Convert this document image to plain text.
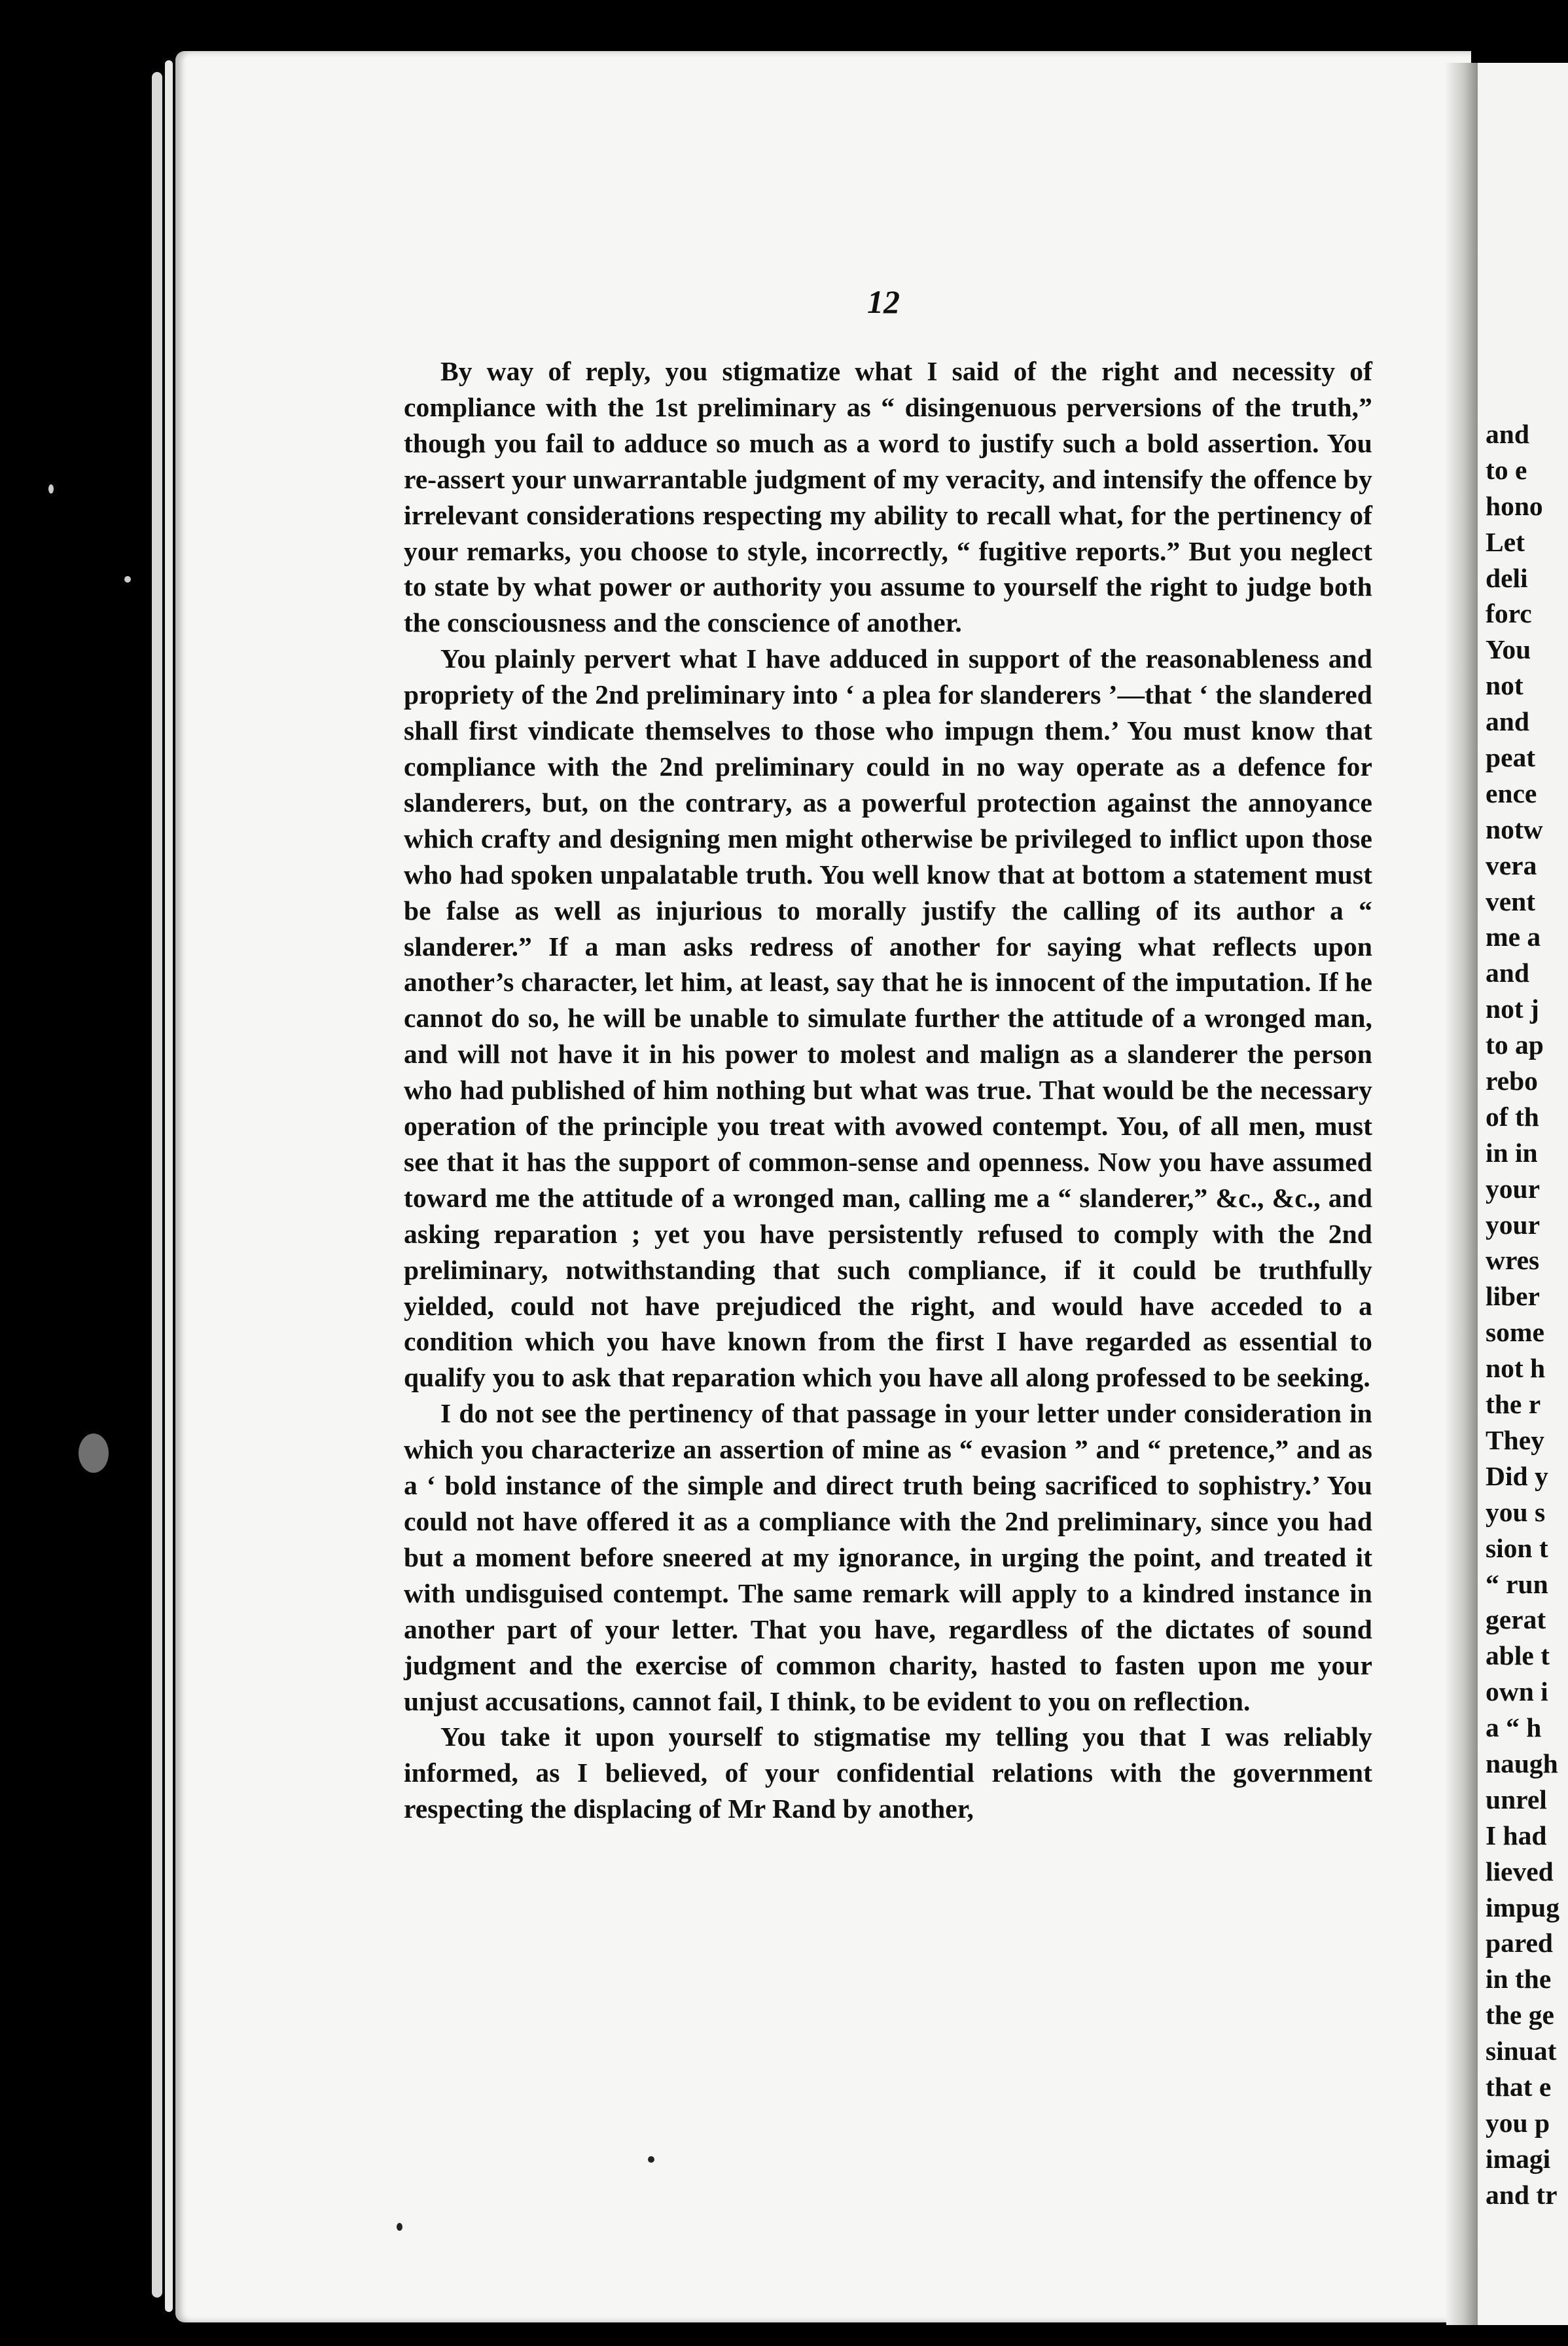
and
to e
hono
Let
deli
forc
You
not
and
peat
ence
notw
vera
vent
me a
and
not j
to ap
rebo
of th
in in
your
your
wres
liber
some
not h
the r
They
Did y
you s
sion t
“ run
gerat
able t
own i
a “ h
naugh
unrel
I had
lieved
impug
pared
in the
the ge
sinuat
that e
you p
imagi
and tr
12

By way of reply, you stigmatize what I said of the right and necessity of compliance with the 1st preliminary as “ disingenuous perversions of the truth,” though you fail to adduce so much as a word to justify such a bold assertion. You re-assert your unwarrantable judgment of my veracity, and intensify the offence by irrelevant considerations respecting my ability to recall what, for the pertinency of your remarks, you choose to style, incorrectly, “ fugitive reports.” But you neglect to state by what power or authority you assume to yourself the right to judge both the consciousness and the conscience of another.

You plainly pervert what I have adduced in support of the reasonableness and propriety of the 2nd preliminary into ‘ a plea for slanderers ’—that ‘ the slandered shall first vindicate themselves to those who impugn them.’ You must know that compliance with the 2nd preliminary could in no way operate as a defence for slanderers, but, on the contrary, as a powerful protection against the annoyance which crafty and designing men might otherwise be privileged to inflict upon those who had spoken unpalatable truth. You well know that at bottom a statement must be false as well as injurious to morally justify the calling of its author a “ slanderer.” If a man asks redress of another for saying what reflects upon another’s character, let him, at least, say that he is innocent of the imputation. If he cannot do so, he will be unable to simulate further the attitude of a wronged man, and will not have it in his power to molest and malign as a slanderer the person who had published of him nothing but what was true. That would be the necessary operation of the principle you treat with avowed contempt. You, of all men, must see that it has the support of common-sense and openness. Now you have assumed toward me the attitude of a wronged man, calling me a “ slanderer,” &c., &c., and asking reparation ; yet you have persistently refused to comply with the 2nd preliminary, notwithstanding that such compliance, if it could be truthfully yielded, could not have prejudiced the right, and would have acceded to a condition which you have known from the first I have regarded as essential to qualify you to ask that reparation which you have all along professed to be seeking.

I do not see the pertinency of that passage in your letter under consideration in which you characterize an assertion of mine as “ evasion ” and “ pretence,” and as a ‘ bold instance of the simple and direct truth being sacrificed to sophistry.’ You could not have offered it as a compliance with the 2nd preliminary, since you had but a moment before sneered at my ignorance, in urging the point, and treated it with undisguised contempt. The same remark will apply to a kindred instance in another part of your letter. That you have, regardless of the dictates of sound judgment and the exercise of common charity, hasted to fasten upon me your unjust accusations, cannot fail, I think, to be evident to you on reflection.

You take it upon yourself to stigmatise my telling you that I was reliably informed, as I believed, of your confidential relations with the government respecting the displacing of Mr Rand by another,
